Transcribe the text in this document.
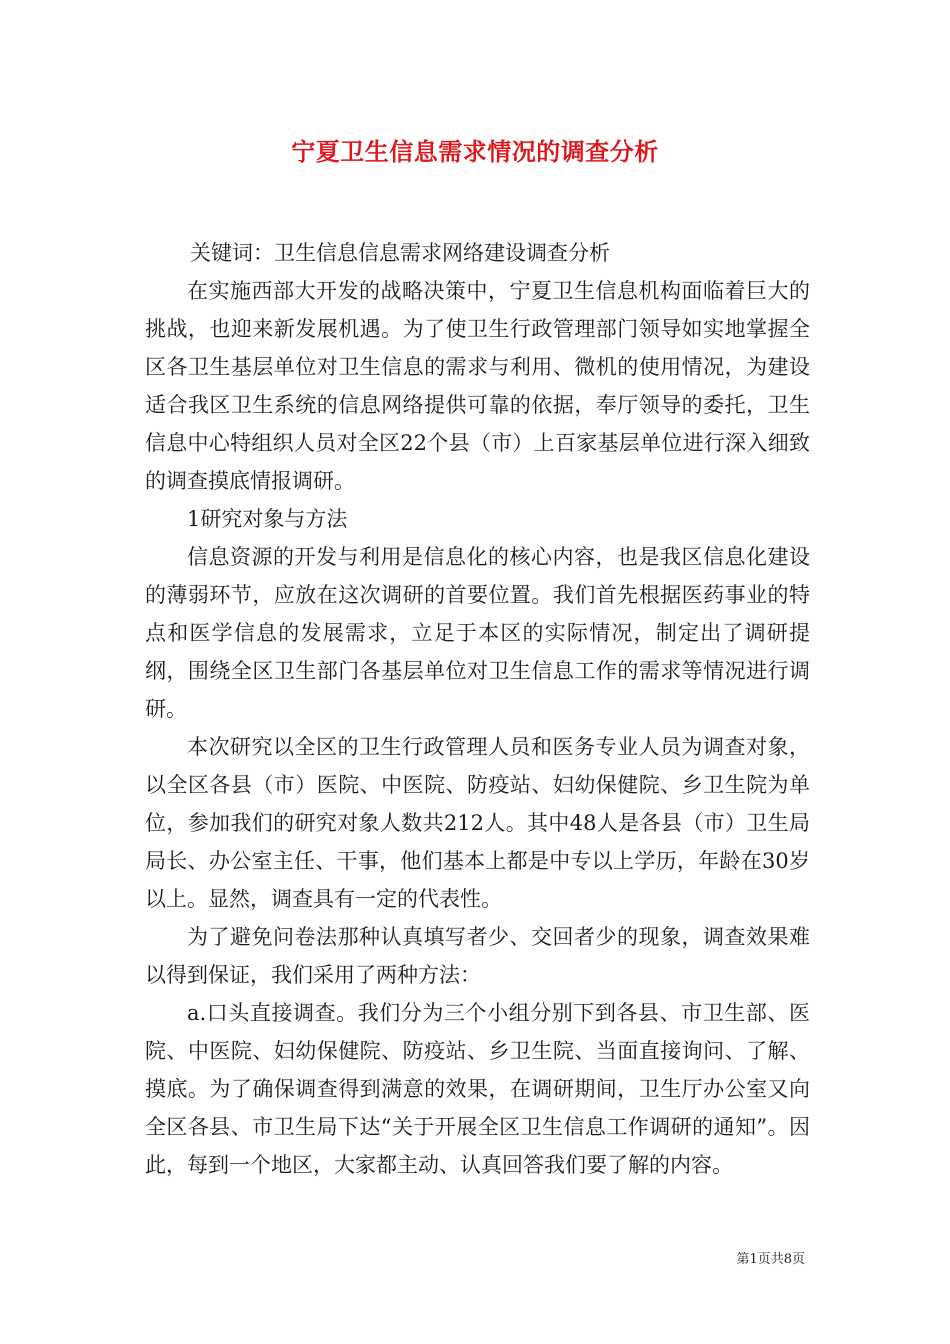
宁夏卫生信息需求情况的调查分析

关键词：卫生信息信息需求网络建设调查分析

在实施西部大开发的战略决策中，宁夏卫生信息机构面临着巨大的挑战，也迎来新发展机遇。为了使卫生行政管理部门领导如实地掌握全区各卫生基层单位对卫生信息的需求与利用、微机的使用情况，为建设适合我区卫生系统的信息网络提供可靠的依据，奉厅领导的委托，卫生信息中心特组织人员对全区22个县（市）上百家基层单位进行深入细致的调查摸底情报调研。

1研究对象与方法

信息资源的开发与利用是信息化的核心内容，也是我区信息化建设的薄弱环节，应放在这次调研的首要位置。我们首先根据医药事业的特点和医学信息的发展需求，立足于本区的实际情况，制定出了调研提纲，围绕全区卫生部门各基层单位对卫生信息工作的需求等情况进行调研。

本次研究以全区的卫生行政管理人员和医务专业人员为调查对象，以全区各县（市）医院、中医院、防疫站、妇幼保健院、乡卫生院为单位，参加我们的研究对象人数共212人。其中48人是各县（市）卫生局局长、办公室主任、干事，他们基本上都是中专以上学历，年龄在30岁以上。显然，调查具有一定的代表性。

为了避免问卷法那种认真填写者少、交回者少的现象，调查效果难以得到保证，我们采用了两种方法：

a.口头直接调查。我们分为三个小组分别下到各县、市卫生部、医院、中医院、妇幼保健院、防疫站、乡卫生院、当面直接询问、了解、摸底。为了确保调查得到满意的效果，在调研期间，卫生厅办公室又向全区各县、市卫生局下达“关于开展全区卫生信息工作调研的通知”。因此，每到一个地区，大家都主动、认真回答我们要了解的内容。

第1页共8页
